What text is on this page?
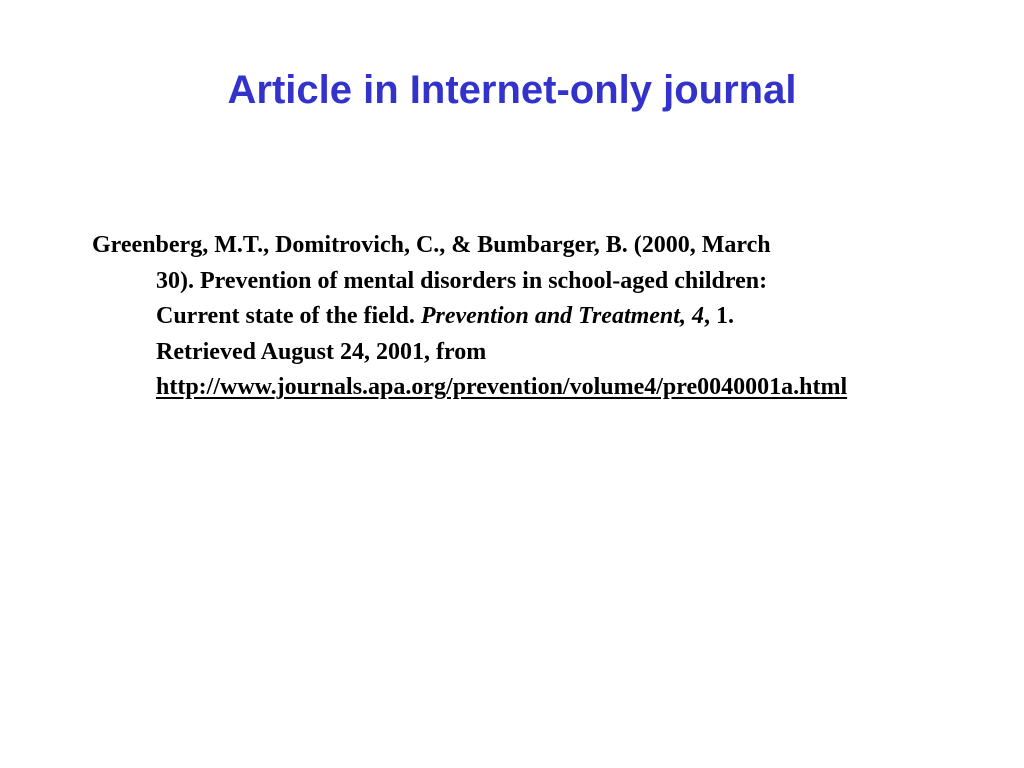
Article in Internet-only journal
Greenberg, M.T., Domitrovich, C., & Bumbarger, B. (2000, March
30). Prevention of mental disorders in school-aged children:
Current state of the field. Prevention and Treatment, 4, 1.
Retrieved August 24, 2001, from
http://www.journals.apa.org/prevention/volume4/pre0040001a.html
